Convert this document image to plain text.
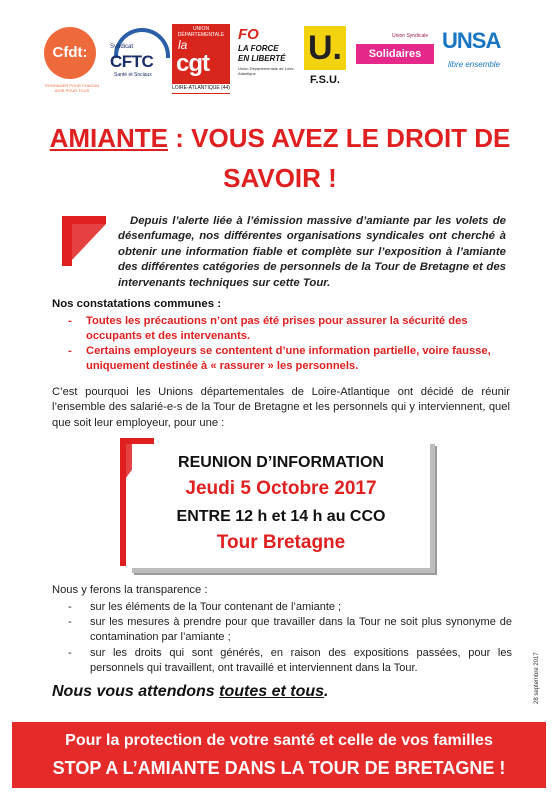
Cfdt:
S'ENGAGER POUR CHACUN AGIR POUR TOUS
Syndicat
CFTC
Santé et Sociaux
UNION DÉPARTEMENTALE
la
cgt
LOIRE-ATLANTIQUE (44)
FO
LA FORCE
EN LIBERTÉ
Union Départementale de Loire-Atlantique
U.
F.S.U.
Union Syndicale
Solidaires
UNSA
libre ensemble
AMIANTE : VOUS AVEZ LE DROIT DE SAVOIR !
Depuis l’alerte liée à l’émission massive d’amiante par les volets de désenfumage, nos différentes organisations syndicales ont cherché à obtenir une information fiable et complète sur l’exposition à l’amiante des différentes catégories de personnels de la Tour de Bretagne et des intervenants techniques sur cette Tour.
Nos constatations communes :
- Toutes les précautions n’ont pas été prises pour assurer la sécurité des occupants et des intervenants.
- Certains employeurs se contentent d’une information partielle, voire fausse, uniquement destinée à « rassurer » les personnels.
C’est pourquoi les Unions départementales de Loire-Atlantique ont décidé de réunir l’ensemble des salarié-e-s de la Tour de Bretagne et les personnels qui y interviennent, quel que soit leur employeur, pour une :
REUNION D’INFORMATION
Jeudi 5 Octobre 2017
ENTRE 12 h et 14 h au CCO
Tour Bretagne
Nous y ferons la transparence :
- sur les éléments de la Tour contenant de l’amiante ;
- sur les mesures à prendre pour que travailler dans la Tour ne soit plus synonyme de contamination par l’amiante ;
- sur les droits qui sont générés, en raison des expositions passées, pour les personnels qui travaillent, ont travaillé et interviennent dans la Tour.	28 septembre 2017
Nous vous attendons toutes et tous.
Pour la protection de votre santé et celle de vos familles
STOP A L’AMIANTE DANS LA TOUR DE BRETAGNE !
